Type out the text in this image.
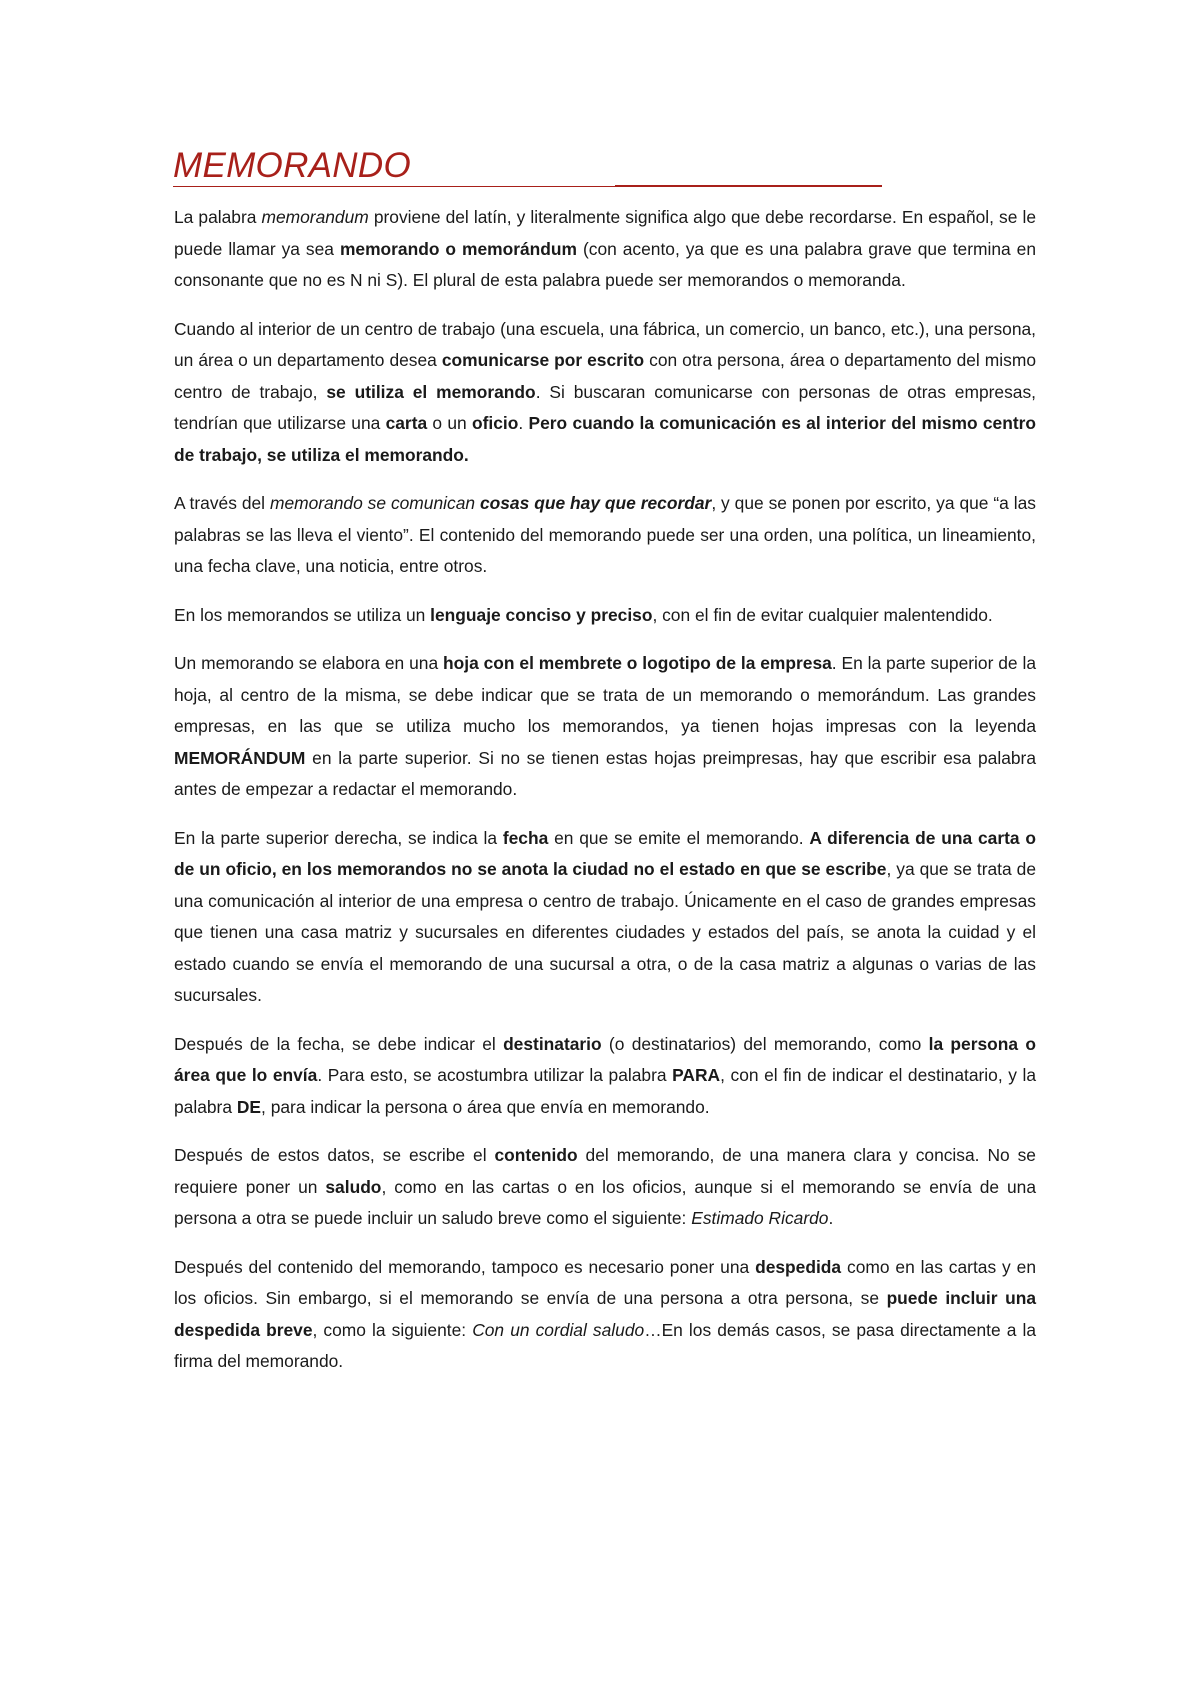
MEMORANDO

La palabra memorandum proviene del latín, y literalmente significa algo que debe recordarse. En español, se le puede llamar ya sea memorando o memorándum (con acento, ya que es una palabra grave que termina en consonante que no es N ni S). El plural de esta palabra puede ser memorandos o memoranda.

Cuando al interior de un centro de trabajo (una escuela, una fábrica, un comercio, un banco, etc.), una persona, un área o un departamento desea comunicarse por escrito con otra persona, área o departamento del mismo centro de trabajo, se utiliza el memorando. Si buscaran comunicarse con personas de otras empresas, tendrían que utilizarse una carta o un oficio. Pero cuando la comunicación es al interior del mismo centro de trabajo, se utiliza el memorando.

A través del memorando se comunican cosas que hay que recordar, y que se ponen por escrito, ya que “a las palabras se las lleva el viento”. El contenido del memorando puede ser una orden, una política, un lineamiento, una fecha clave, una noticia, entre otros.

En los memorandos se utiliza un lenguaje conciso y preciso, con el fin de evitar cualquier malentendido.

Un memorando se elabora en una hoja con el membrete o logotipo de la empresa. En la parte superior de la hoja, al centro de la misma, se debe indicar que se trata de un memorando o memorándum. Las grandes empresas, en las que se utiliza mucho los memorandos, ya tienen hojas impresas con la leyenda MEMORÁNDUM en la parte superior. Si no se tienen estas hojas preimpresas, hay que escribir esa palabra antes de empezar a redactar el memorando.

En la parte superior derecha, se indica la fecha en que se emite el memorando. A diferencia de una carta o de un oficio, en los memorandos no se anota la ciudad no el estado en que se escribe, ya que se trata de una comunicación al interior de una empresa o centro de trabajo. Únicamente en el caso de grandes empresas que tienen una casa matriz y sucursales en diferentes ciudades y estados del país, se anota la cuidad y el estado cuando se envía el memorando de una sucursal a otra, o de la casa matriz a algunas o varias de las sucursales.

Después de la fecha, se debe indicar el destinatario (o destinatarios) del memorando, como la persona o área que lo envía. Para esto, se acostumbra utilizar la palabra PARA, con el fin de indicar el destinatario, y la palabra DE, para indicar la persona o área que envía en memorando.

Después de estos datos, se escribe el contenido del memorando, de una manera clara y concisa. No se requiere poner un saludo, como en las cartas o en los oficios, aunque si el memorando se envía de una persona a otra se puede incluir un saludo breve como el siguiente: Estimado Ricardo.

Después del contenido del memorando, tampoco es necesario poner una despedida como en las cartas y en los oficios. Sin embargo, si el memorando se envía de una persona a otra persona, se puede incluir una despedida breve, como la siguiente: Con un cordial saludo…En los demás casos, se pasa directamente a la firma del memorando.
